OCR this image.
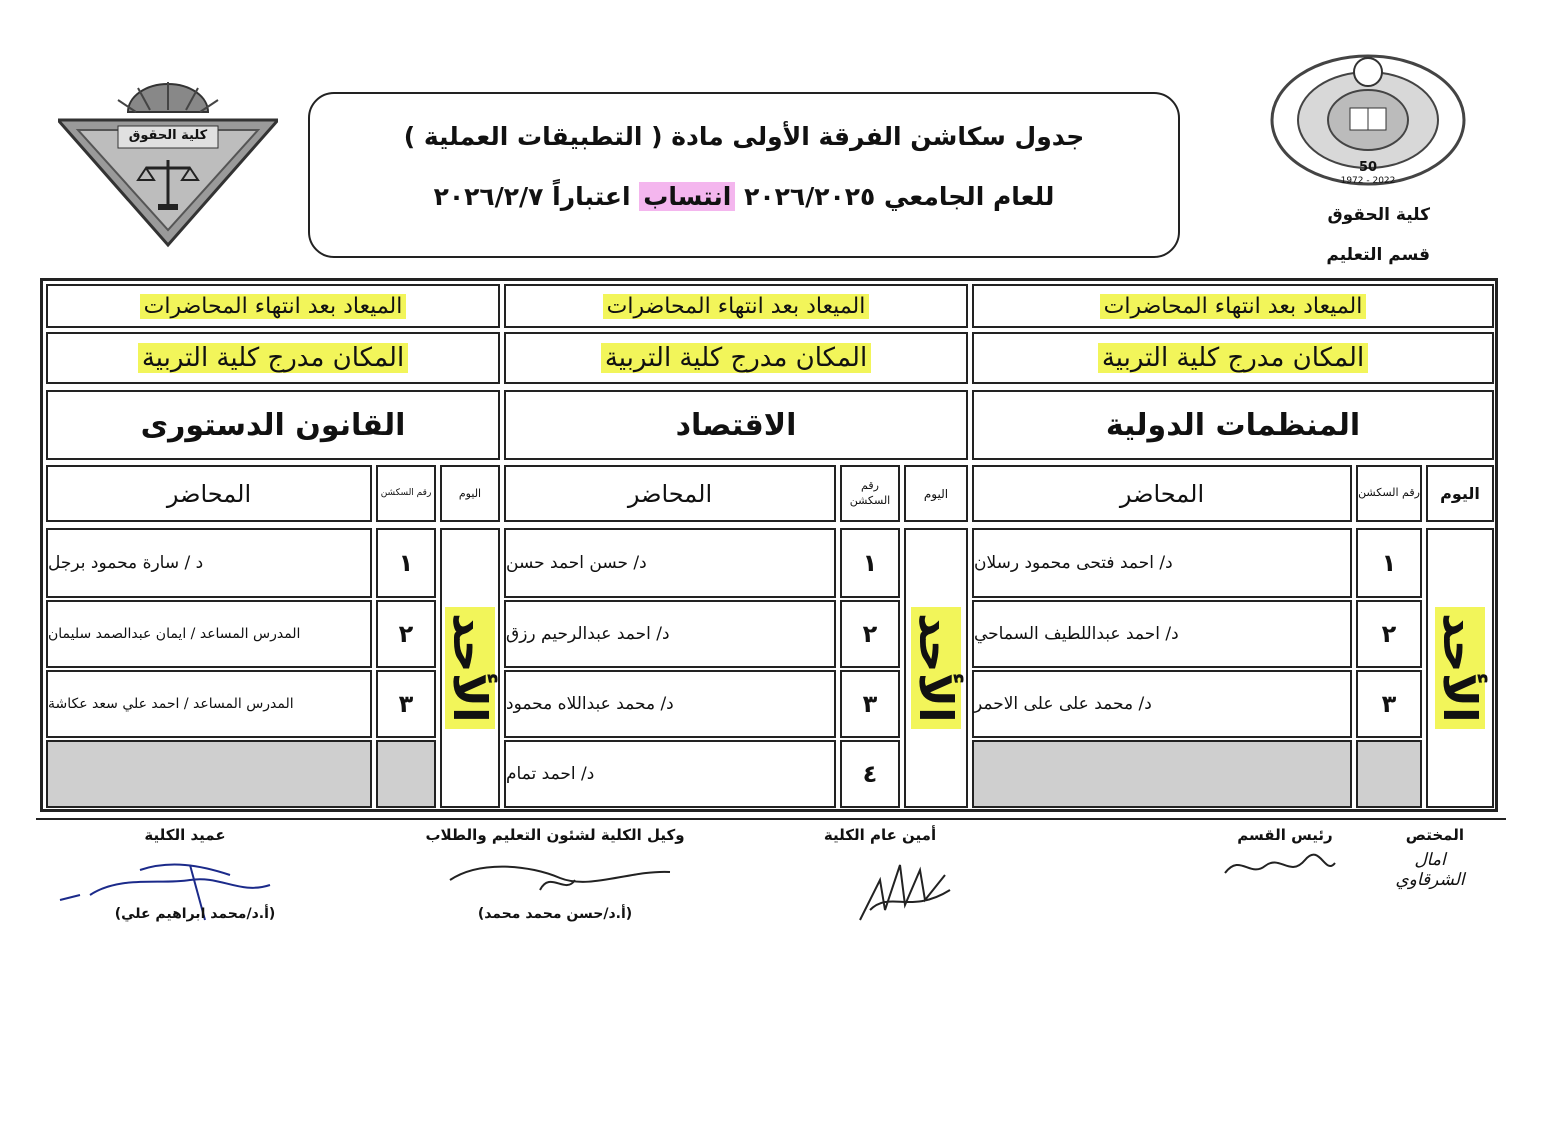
كلية الحقوق
50
1972 - 2022
كلية الحقوق
قسم التعليم
جدول سكاشن الفرقة الأولى مادة ( التطبيقات العملية )
للعام الجامعي ٢٠٢٦/٢٠٢٥ انتساب اعتباراً ٢٠٢٦/٢/٧
الميعاد بعد انتهاء المحاضرات
المكان مدرج كلية التربية
المنظمات الدولية
اليوم
رقم السكشن
المحاضر
الأحد
١
د/ احمد فتحى محمود رسلان
٢
د/ احمد عبداللطيف السماحي
٣
د/ محمد على على الاحمر
الميعاد بعد انتهاء المحاضرات
المكان مدرج كلية التربية
الاقتصاد
اليوم
رقم السكشن
المحاضر
الأحد
١
د/ حسن احمد حسن
٢
د/ احمد عبدالرحيم رزق
٣
د/ محمد عبداللاه محمود
٤
د/ احمد تمام
الميعاد بعد انتهاء المحاضرات
المكان مدرج كلية التربية
القانون الدستورى
اليوم
رقم السكشن
المحاضر
الأحد
١
د / سارة محمود برجل
٢
المدرس المساعد / ايمان عبدالصمد سليمان
٣
المدرس المساعد / احمد علي سعد عكاشة
المختص
امال الشرقاوي
رئيس القسم
أمين عام الكلية
وكيل الكلية لشئون التعليم والطلاب
(أ.د/حسن محمد محمد)
عميد الكلية
(أ.د/محمد ابراهيم علي)
